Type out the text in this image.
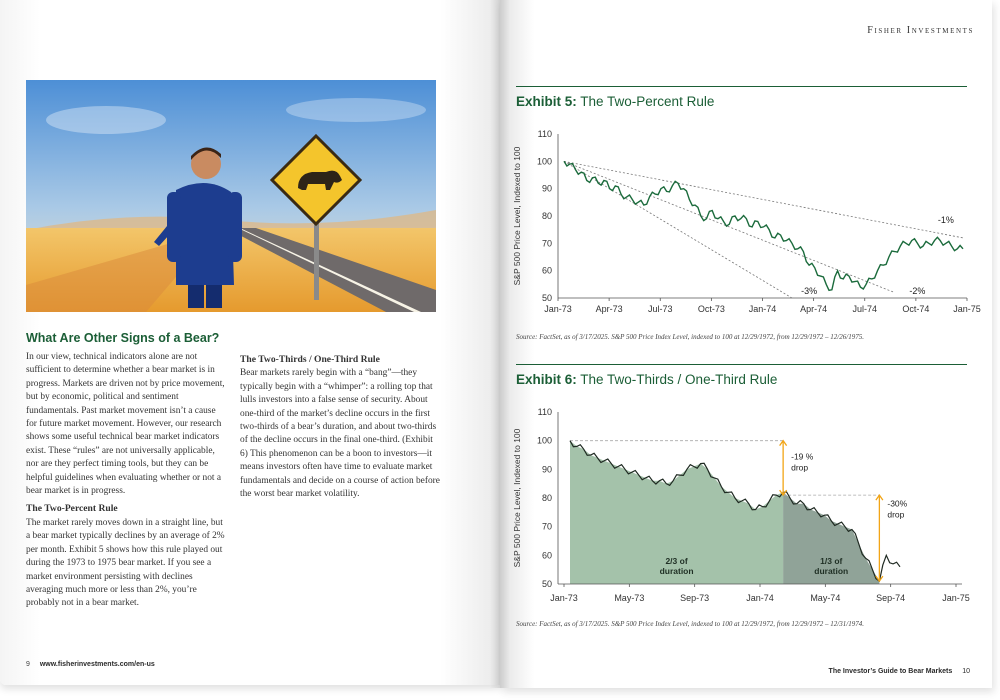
What Are Other Signs of a Bear?

In our view, technical indicators alone are not sufficient to determine whether a bear market is in progress. Markets are driven not by price movement, but by economic, political and sentiment fundamentals. Past market movement isn’t a cause for future market movement. However, our research shows some useful technical bear market indicators exist. These “rules” are not universally applicable, nor are they perfect timing tools, but they can be helpful guidelines when evaluating whether or not a bear market is in progress.

The Two-Percent Rule

The market rarely moves down in a straight line, but a bear market typically declines by an average of 2% per month. Exhibit 5 shows how this rule played out during the 1973 to 1975 bear market. If you see a market environment persisting with declines averaging much more or less than 2%, you’re probably not in a bear market.

The Two-Thirds / One-Third Rule

Bear markets rarely begin with a “bang”—they typically begin with a “whimper”: a rolling top that lulls investors into a false sense of security. About one-third of the market’s decline occurs in the first two-thirds of a bear’s duration, and about two-thirds of the decline occurs in the final one-third. (Exhibit 6) This phenomenon can be a boon to investors—it means investors often have time to evaluate market fundamentals and decide on a course of action before the worst bear market volatility.

9 www.fisherinvestments.com/en-us
Fisher Investments
Exhibit 5: The Two-Percent Rule
50
60
70
80
90
100
110
Jan-73	Apr-73	Jul-73	Oct-73	Jan-74	Apr-74	Jul-74	Oct-74	Jan-75
S&P 500 Price Level, Indexed to 100	-1%
-2%
-3%
Source: FactSet, as of 3/17/2025. S&P 500 Price Index Level, indexed to 100 at 12/29/1972, from 12/29/1972 – 12/26/1975.
Exhibit 6: The Two-Thirds / One-Third Rule
2/3 of
duration
1/3 of
duration
50
60
70
80
90
100
110
Jan-73	May-73	Sep-73	Jan-74	May-74	Sep-74	Jan-75
S&P 500 Price Level, Indexed to 100	-19 %
drop
-30%
drop
Source: FactSet, as of 3/17/2025. S&P 500 Price Index Level, indexed to 100 at 12/29/1972, from 12/29/1972 – 12/31/1974.
The Investor’s Guide to Bear Markets 10
